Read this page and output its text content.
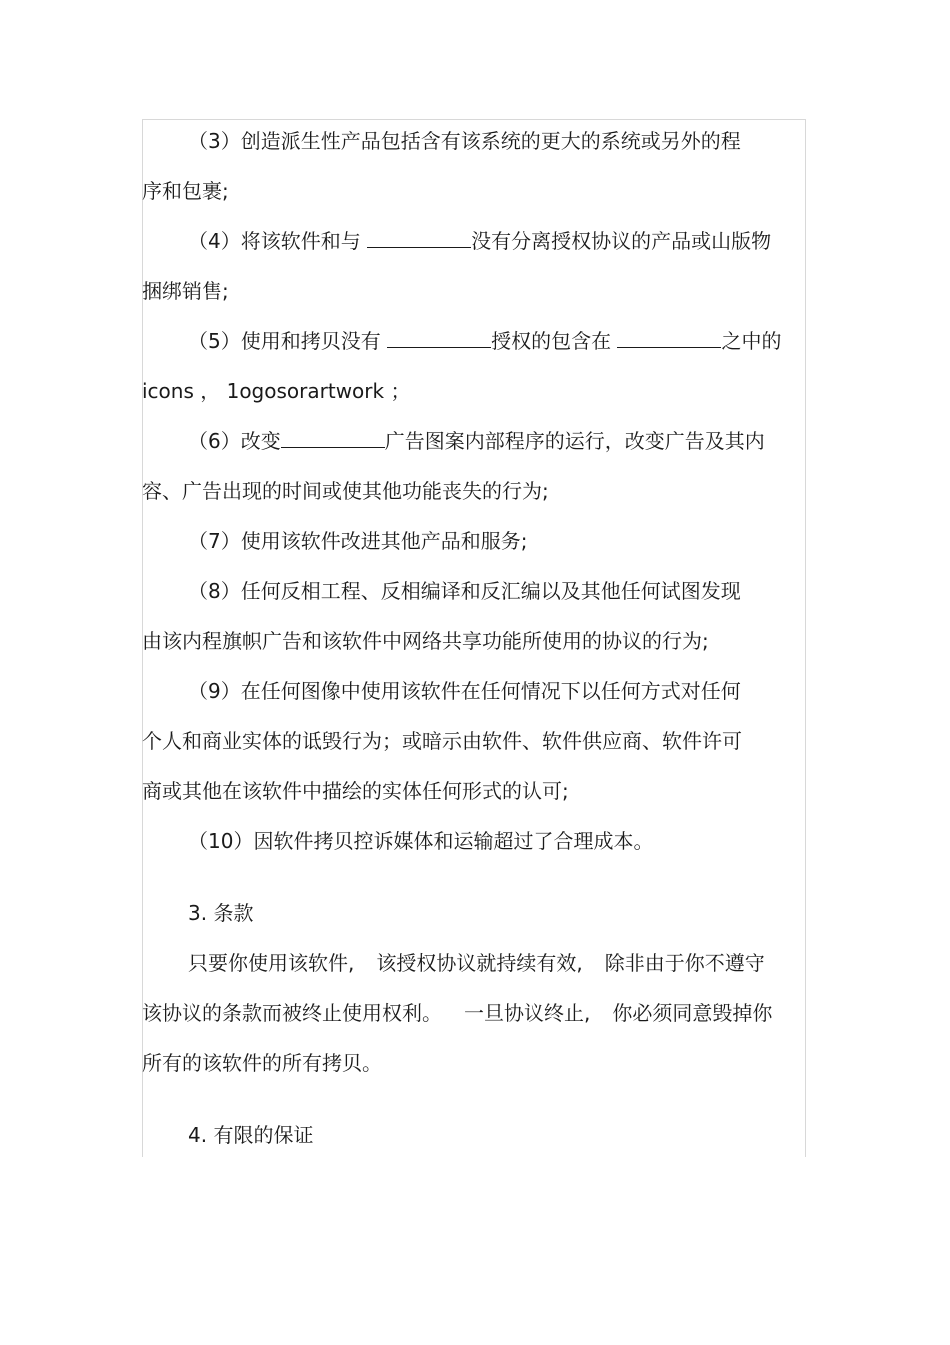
（3）创造派生性产品包括含有该系统的更大的系统或另外的程
序和包裹;
（4）将该软件和与	没有分离授权协议的产品或山版物
捆绑销售;
（5）使用和拷贝没有	授权的包含在	之中的
icons ， 1ogosorartwork ；
（6）改变	广告图案内部程序的运行，改变广告及其内
容、广告出现的时间或使其他功能丧失的行为;
（7）使用该软件改进其他产品和服务;
（8）任何反相工程、反相编译和反汇编以及其他任何试图发现
由该内程旗帜广告和该软件中网络共享功能所使用的协议的行为;
（9）在任何图像中使用该软件在任何情况下以任何方式对任何
个人和商业实体的诋毁行为；或暗示由软件、软件供应商、软件许可
商或其他在该软件中描绘的实体任何形式的认可;
（10）因软件拷贝控诉媒体和运输超过了合理成本。
3. 条款
只要你使用该软件, 该授权协议就持续有效, 除非由于你不遵守
该协议的条款而被终止使用权利。 一旦协议终止, 你必须同意毁掉你
所有的该软件的所有拷贝。
4. 有限的保证
